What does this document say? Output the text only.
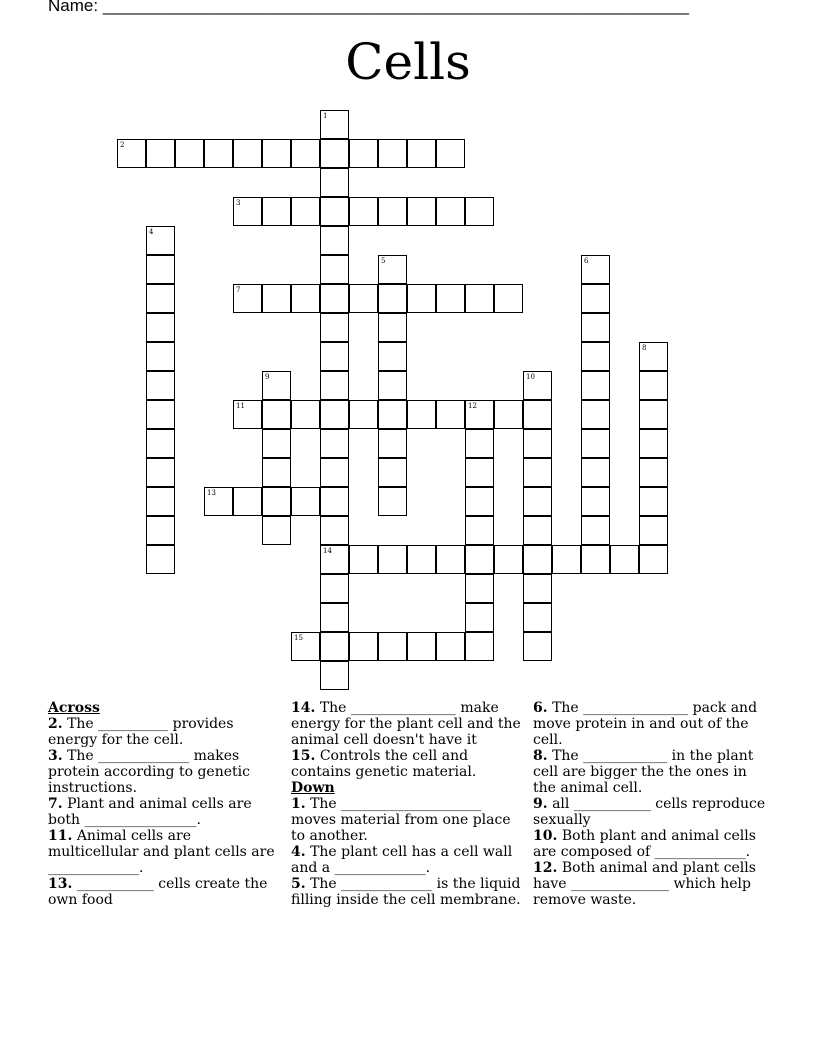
Name: ______________________________________________________________
Cells
1
14
2
3
4
5	6
7
8
9	10
11	12
13
15
Across
2. The __________ provides energy for the cell.
3. The _____________ makes protein according to genetic instructions.
7. Plant and animal cells are both ________________.
11. Animal cells are multicellular and plant cells are _____________.
13. ___________ cells create the own food
14. The _______________ make energy for the plant cell and the animal cell doesn't have it
15. Controls the cell and contains genetic material.
Down
1. The ____________________ moves material from one place to another.
4. The plant cell has a cell wall and a _____________.
5. The _____________ is the liquid filling inside the cell membrane.
6. The _______________ pack and move protein in and out of the cell.
8. The ____________ in the plant cell are bigger the the ones in the animal cell.
9. all ___________ cells reproduce sexually
10. Both plant and animal cells are composed of _____________.
12. Both animal and plant cells have ______________ which help remove waste.
